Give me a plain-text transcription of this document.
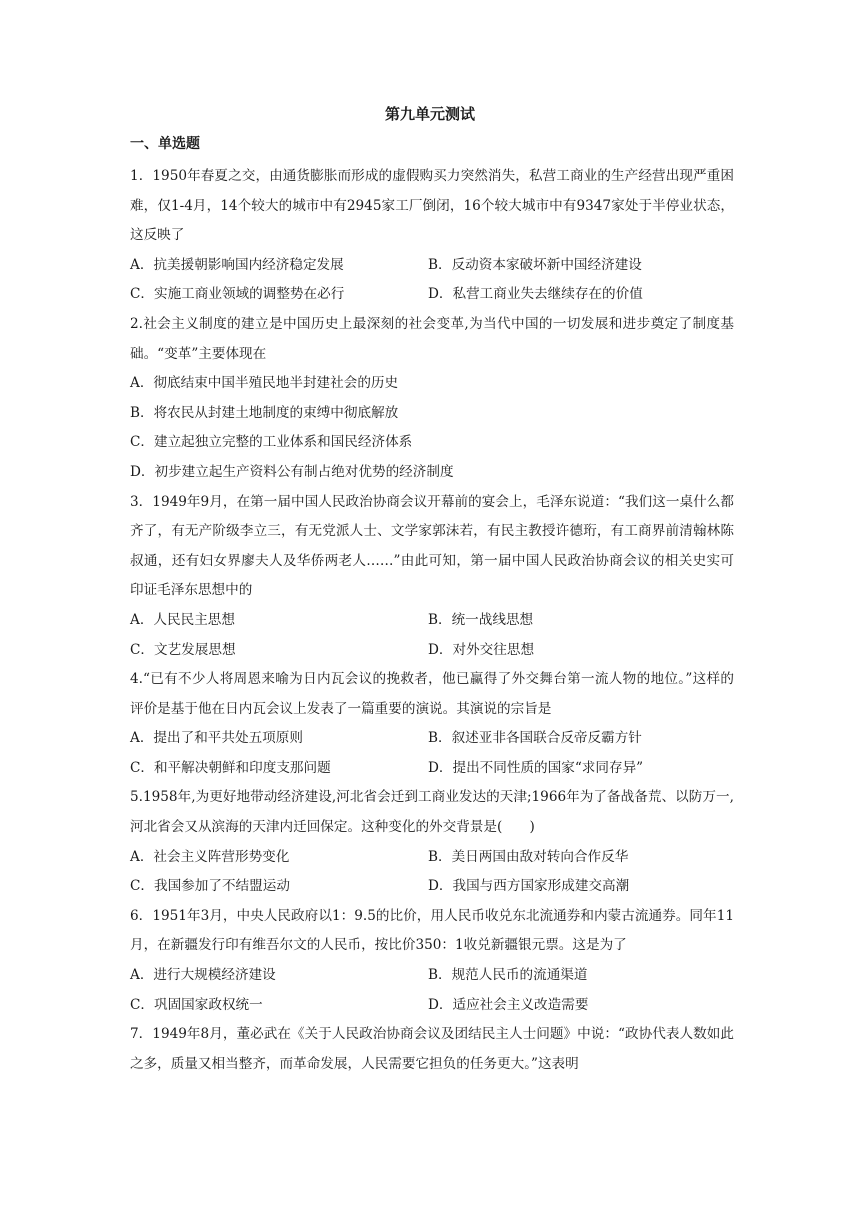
第九单元测试
一、单选题

1．1950年春夏之交，由通货膨胀而形成的虚假购买力突然消失，私营工商业的生产经营出现严重困难，仅1-4月，14个较大的城市中有2945家工厂倒闭，16个较大城市中有9347家处于半停业状态，这反映了

A．抗美援朝影响国内经济稳定发展	B．反动资本家破坏新中国经济建设
C．实施工商业领域的调整势在必行	D．私营工商业失去继续存在的价值

2.社会主义制度的建立是中国历史上最深刻的社会变革,为当代中国的一切发展和进步奠定了制度基础。“变革”主要体现在

A．彻底结束中国半殖民地半封建社会的历史
B．将农民从封建土地制度的束缚中彻底解放
C．建立起独立完整的工业体系和国民经济体系
D．初步建立起生产资料公有制占绝对优势的经济制度

3．1949年9月，在第一届中国人民政治协商会议开幕前的宴会上，毛泽东说道：“我们这一桌什么都齐了，有无产阶级李立三，有无党派人士、文学家郭沫若，有民主教授许德珩，有工商界前清翰林陈叔通，还有妇女界廖夫人及华侨两老人……”由此可知，第一届中国人民政治协商会议的相关史实可印证毛泽东思想中的

A．人民民主思想	B．统一战线思想
C．文艺发展思想	D．对外交往思想

4.“已有不少人将周恩来喻为日内瓦会议的挽救者，他已赢得了外交舞台第一流人物的地位。”这样的评价是基于他在日内瓦会议上发表了一篇重要的演说。其演说的宗旨是

A．提出了和平共处五项原则	B．叙述亚非各国联合反帝反霸方针
C．和平解决朝鲜和印度支那问题	D．提出不同性质的国家“求同存异”

5.1958年,为更好地带动经济建设,河北省会迁到工商业发达的天津;1966年为了备战备荒、以防万一,河北省会又从滨海的天津内迁回保定。这种变化的外交背景是(　　)

A．社会主义阵营形势变化	B．美日两国由敌对转向合作反华
C．我国参加了不结盟运动	D．我国与西方国家形成建交高潮

6．1951年3月，中央人民政府以1：9.5的比价，用人民币收兑东北流通券和内蒙古流通券。同年11月，在新疆发行印有维吾尔文的人民币，按比价350：1收兑新疆银元票。这是为了

A．进行大规模经济建设	B．规范人民币的流通渠道
C．巩固国家政权统一	D．适应社会主义改造需要

7．1949年8月，董必武在《关于人民政治协商会议及团结民主人士问题》中说：“政协代表人数如此之多，质量又相当整齐，而革命发展，人民需要它担负的任务更大。”这表明
